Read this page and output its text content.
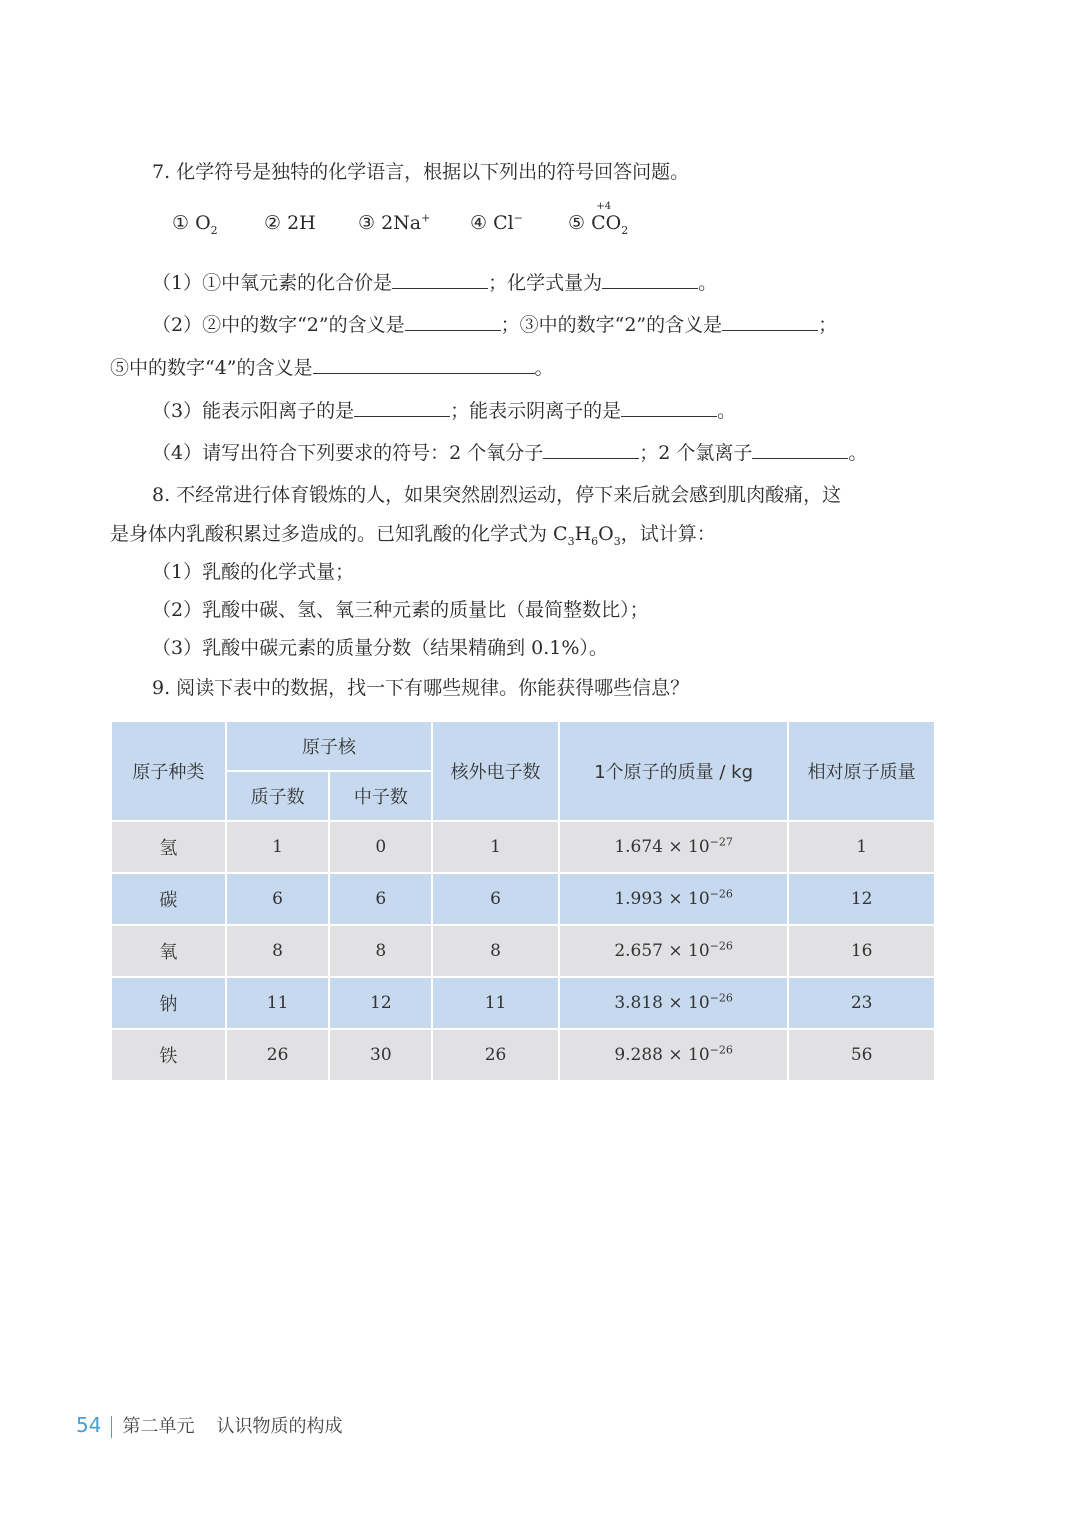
7. 化学符号是独特的化学语言，根据以下列出的符号回答问题。
① $O_2$ ② 2H ③ 2Na+ ④ Cl− ⑤
+4
$CO_2$
（1）①中氧元素的化合价是	；化学式量为	。
（2）②中的数字“2”的含义是	；③中的数字“2”的含义是	；
⑤中的数字“4”的含义是	。
（3）能表示阳离子的是	；能表示阴离子的是	。
（4）请写出符合下列要求的符号：2 个氧分子	；2 个氯离子	。
8. 不经常进行体育锻炼的人，如果突然剧烈运动，停下来后就会感到肌肉酸痛，这
是身体内乳酸积累过多造成的。已知乳酸的化学式为 $C_3H_6O_3$，试计算：
（1）乳酸的化学式量；
（2）乳酸中碳、氢、氧三种元素的质量比（最简整数比）；
（3）乳酸中碳元素的质量分数（结果精确到 0.1%）。
9. 阅读下表中的数据，找一下有哪些规律。你能获得哪些信息？
原子种类	原子核		核外电子数	1个原子的质量 / kg	相对原子质量
	质子数	中子数			
氢	1	0	1	$1.674 \times 10^{-27}$	1
碳	6	6	6	$1.993 \times 10^{-26}$	12
氧	8	8	8	$2.657 \times 10^{-26}$	16
钠	11	12	11	$3.818 \times 10^{-26}$	23
铁	26	30	26	$9.288 \times 10^{-26}$	56
54 第二单元 认识物质的构成
